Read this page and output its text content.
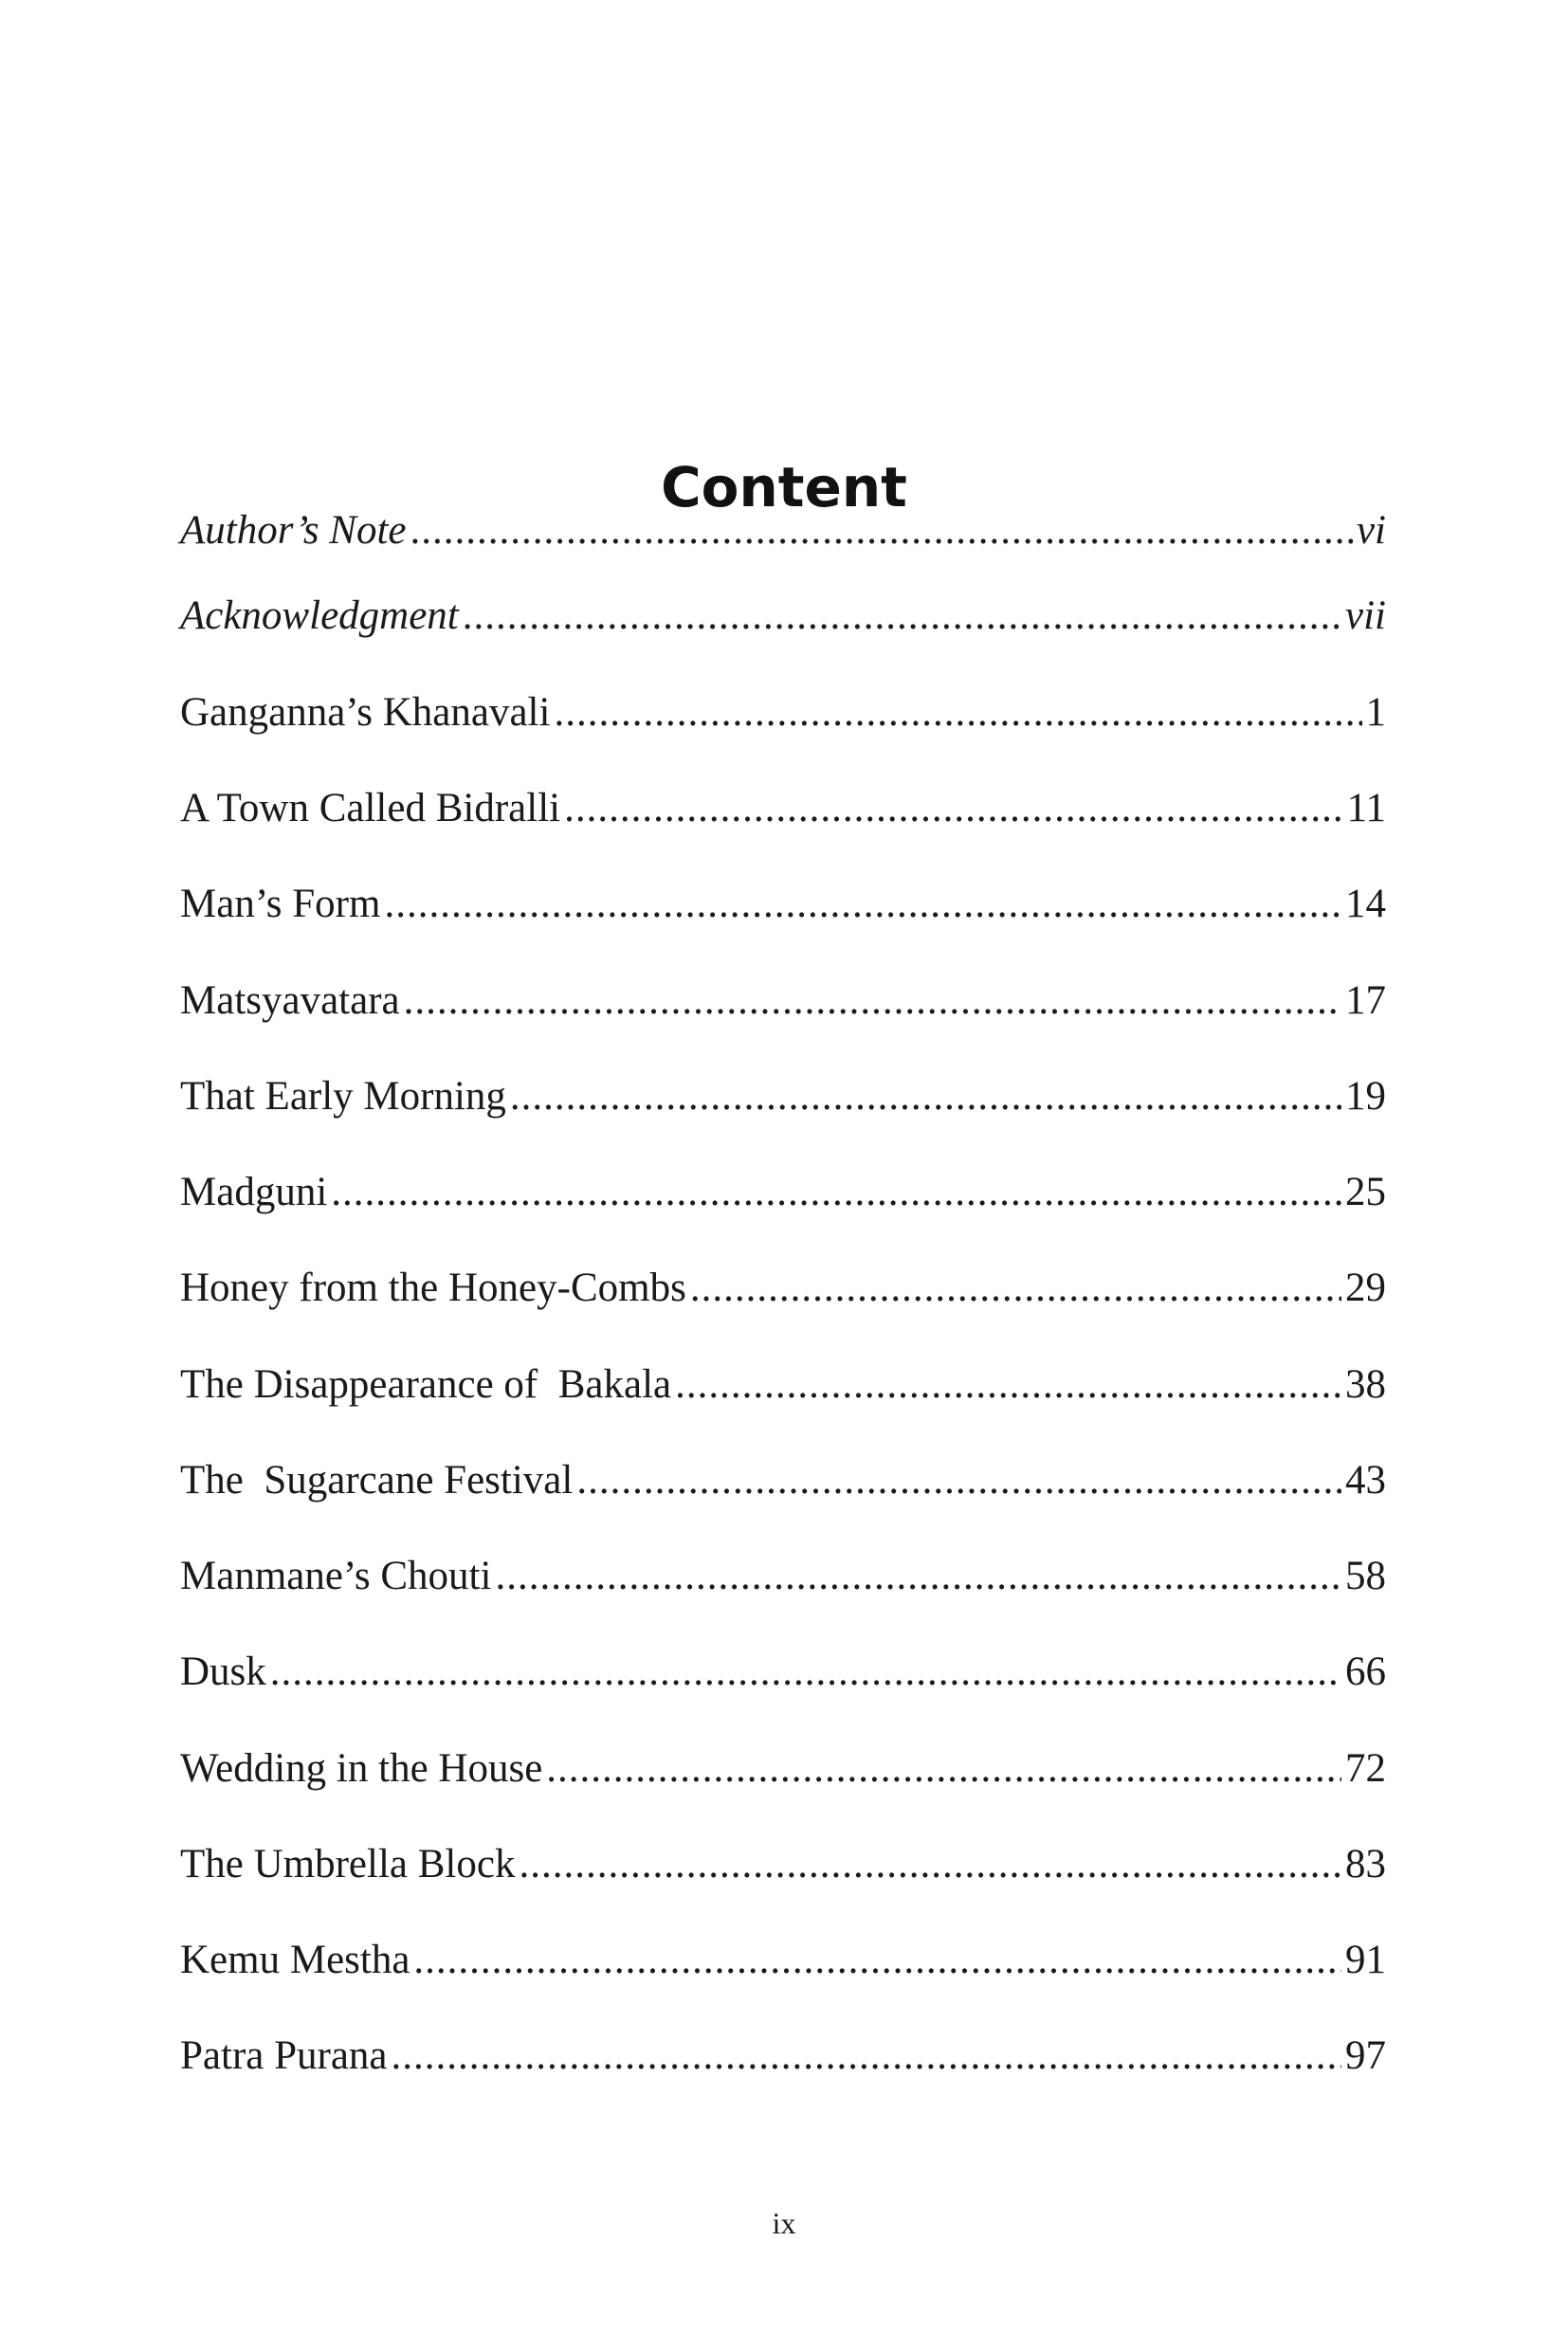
Content
Author’s Note .....	vi
Acknowledgment .....	vii
Ganganna’s Khanavali .....	1
A Town Called Bidralli .....	11
Man’s Form .....	14
Matsyavatara .....	17
That Early Morning .....	19
Madguni .....	25
Honey from the Honey-Combs .....	29
The Disappearance of  Bakala .....	38
The  Sugarcane Festival .....	43
Manmane’s Chouti .....	58
Dusk .....	66
Wedding in the House .....	72
The Umbrella Block .....	83
Kemu Mestha .....	91
Patra Purana .....	97
ix
